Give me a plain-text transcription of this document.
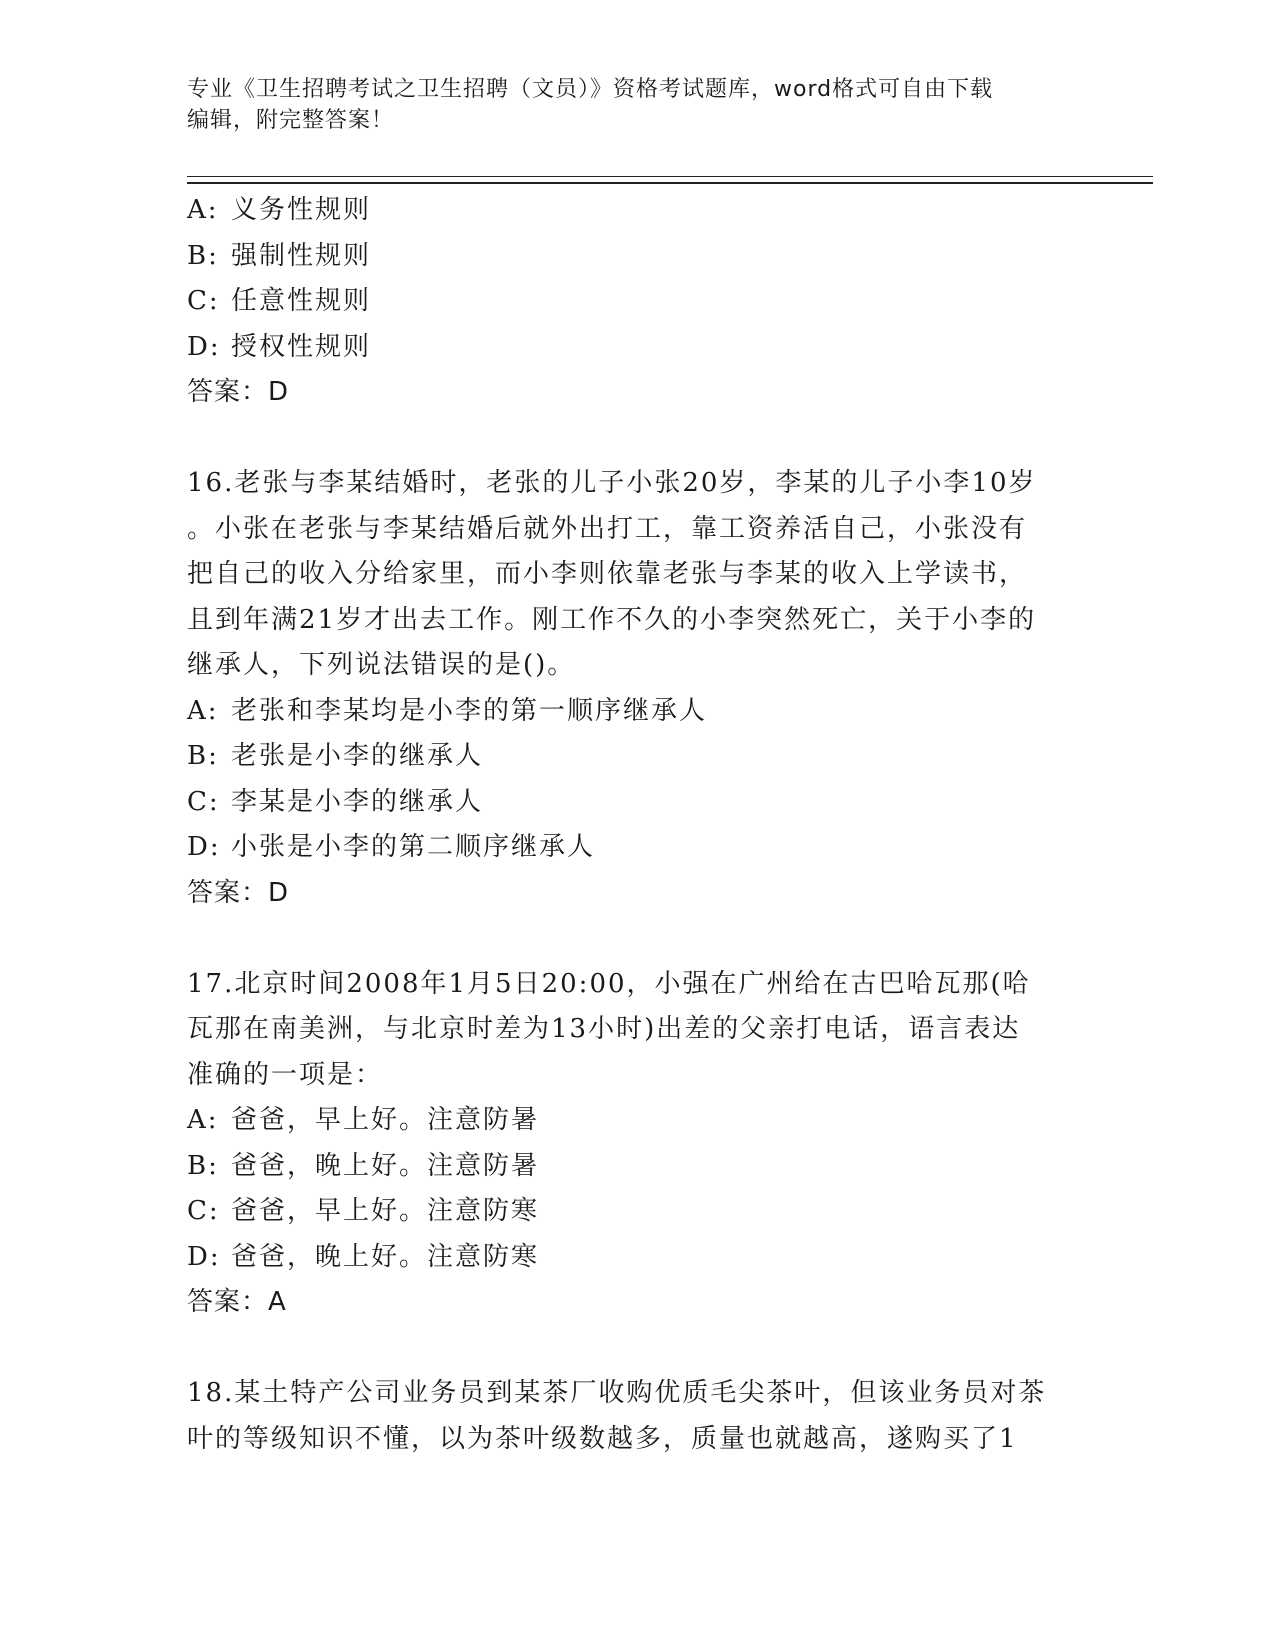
专业《卫生招聘考试之卫生招聘（文员）》资格考试题库，word格式可自由下载
编辑，附完整答案！
A: 义务性规则
B: 强制性规则
C: 任意性规则
D: 授权性规则
答案：D
16.老张与李某结婚时，老张的儿子小张20岁，李某的儿子小李10岁
。小张在老张与李某结婚后就外出打工，靠工资养活自己，小张没有
把自己的收入分给家里，而小李则依靠老张与李某的收入上学读书，
且到年满21岁才出去工作。刚工作不久的小李突然死亡，关于小李的
继承人，下列说法错误的是()。
A: 老张和李某均是小李的第一顺序继承人
B: 老张是小李的继承人
C: 李某是小李的继承人
D: 小张是小李的第二顺序继承人
答案：D
17.北京时间2008年1月5日20:00，小强在广州给在古巴哈瓦那(哈
瓦那在南美洲，与北京时差为13小时)出差的父亲打电话，语言表达
准确的一项是：
A: 爸爸，早上好。注意防暑
B: 爸爸，晚上好。注意防暑
C: 爸爸，早上好。注意防寒
D: 爸爸，晚上好。注意防寒
答案：A
18.某土特产公司业务员到某茶厂收购优质毛尖茶叶，但该业务员对茶
叶的等级知识不懂，以为茶叶级数越多，质量也就越高，遂购买了1
